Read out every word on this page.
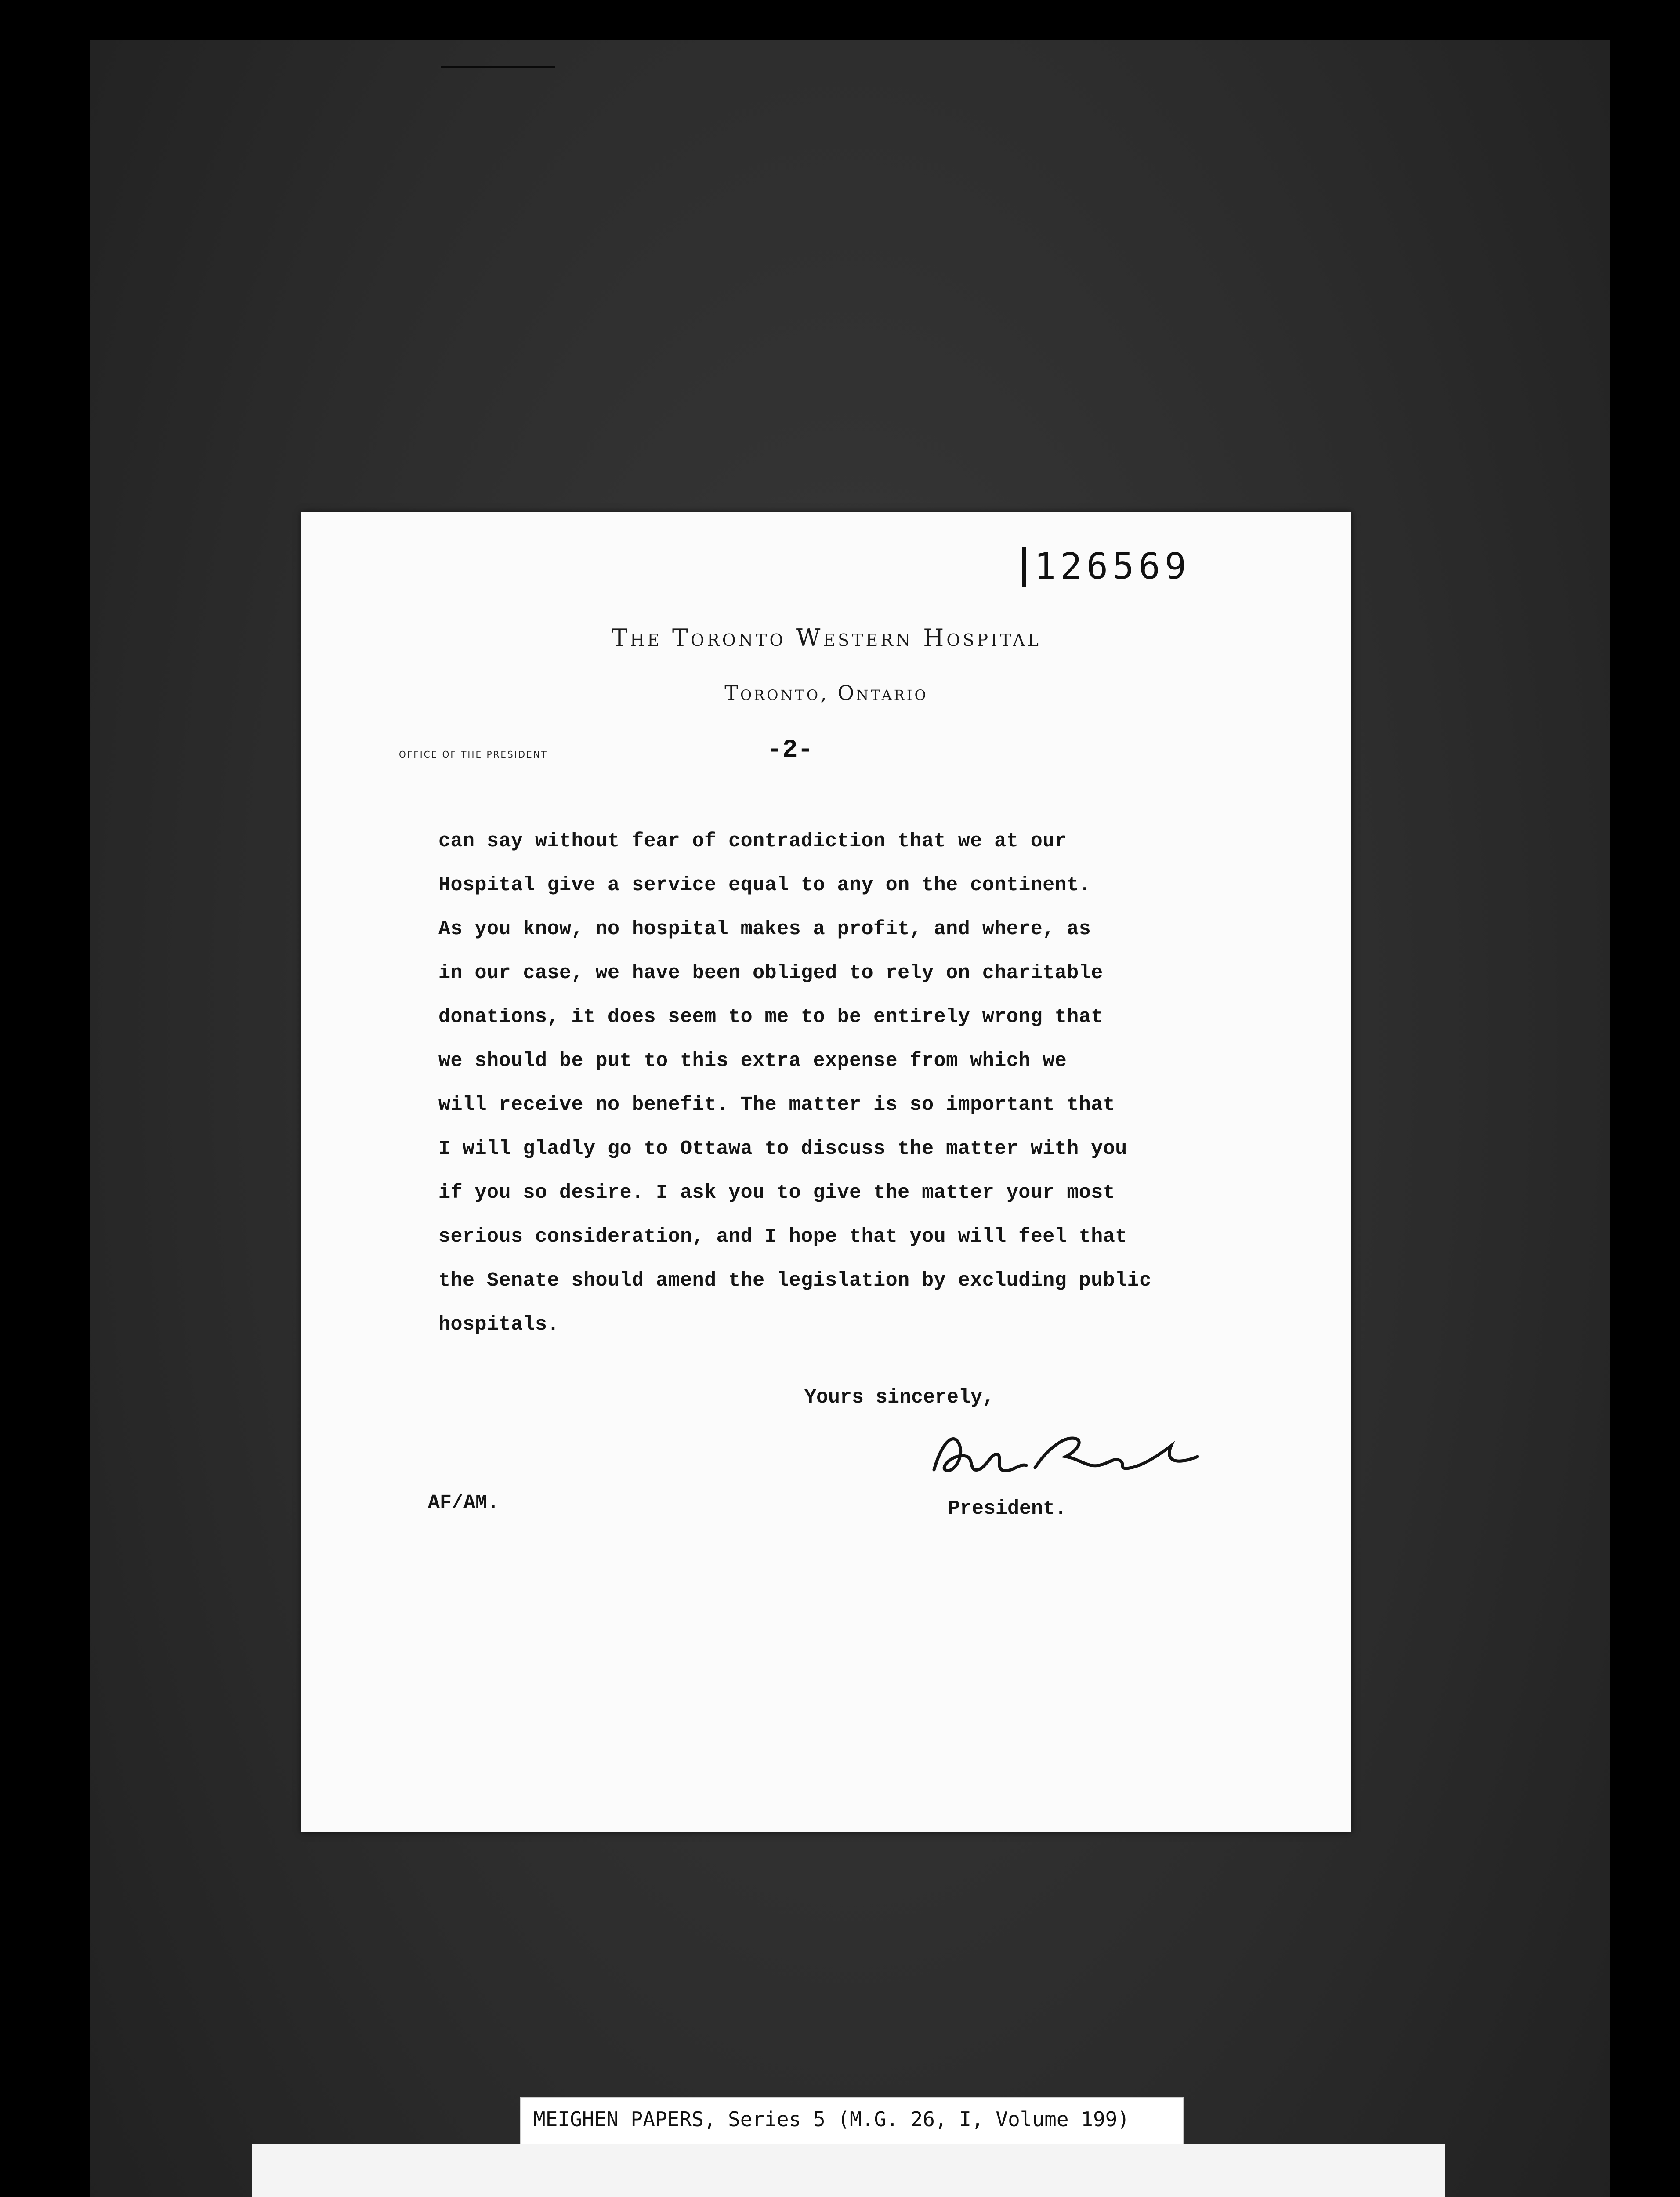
126569
The Toronto Western Hospital
Toronto, Ontario
OFFICE OF THE PRESIDENT	-2-
can say without fear of contradiction that we at our
Hospital give a service equal to any on the continent.
As you know, no hospital makes a profit, and where, as
in our case, we have been obliged to rely on charitable
donations, it does seem to me to be entirely wrong that
we should be put to this extra expense from which we
will receive no benefit. The matter is so important that
I will gladly go to Ottawa to discuss the matter with you
if you so desire. I ask you to give the matter your most
serious consideration, and I hope that you will feel that
the Senate should amend the legislation by excluding public
hospitals.
Yours sincerely,
AF/AM.	President.
MEIGHEN PAPERS, Series 5 (M.G. 26, I, Volume 199)
